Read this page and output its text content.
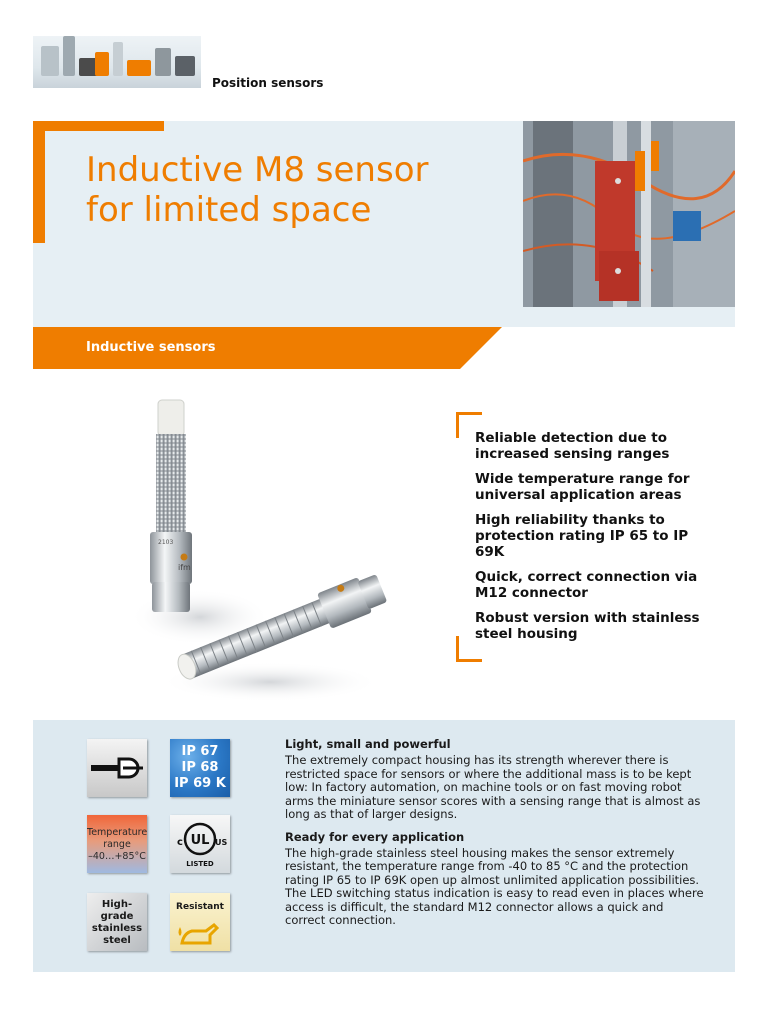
Position sensors
Inductive M8 sensor
for limited space
Inductive sensors
ifm
2103
Reliable detection due to increased sensing ranges
Wide temperature range for universal application areas
High reliability thanks to protection rating IP 65 to IP 69K
Quick, correct connection via M12 connector
Robust version with stainless steel housing
IP 67
IP 68
IP 69 K
Temperature
range
–40…+85°C
UL
c	US
LISTED
High-
grade
stainless
steel
Resistant

Light, small and powerful

The extremely compact housing has its strength wherever there is restricted space for sensors or where the additional mass is to be kept low: In factory automation, on machine tools or on fast moving robot arms the miniature sensor scores with a sensing range that is almost as long as that of larger designs.

Ready for every application

The high-grade stainless steel housing makes the sensor extremely resistant, the temperature range from -40 to 85 °C and the protection rating IP 65 to IP 69K open up almost unlimited application possibilities. The LED switching status indication is easy to read even in places where access is difficult, the standard M12 connector allows a quick and correct connection.
